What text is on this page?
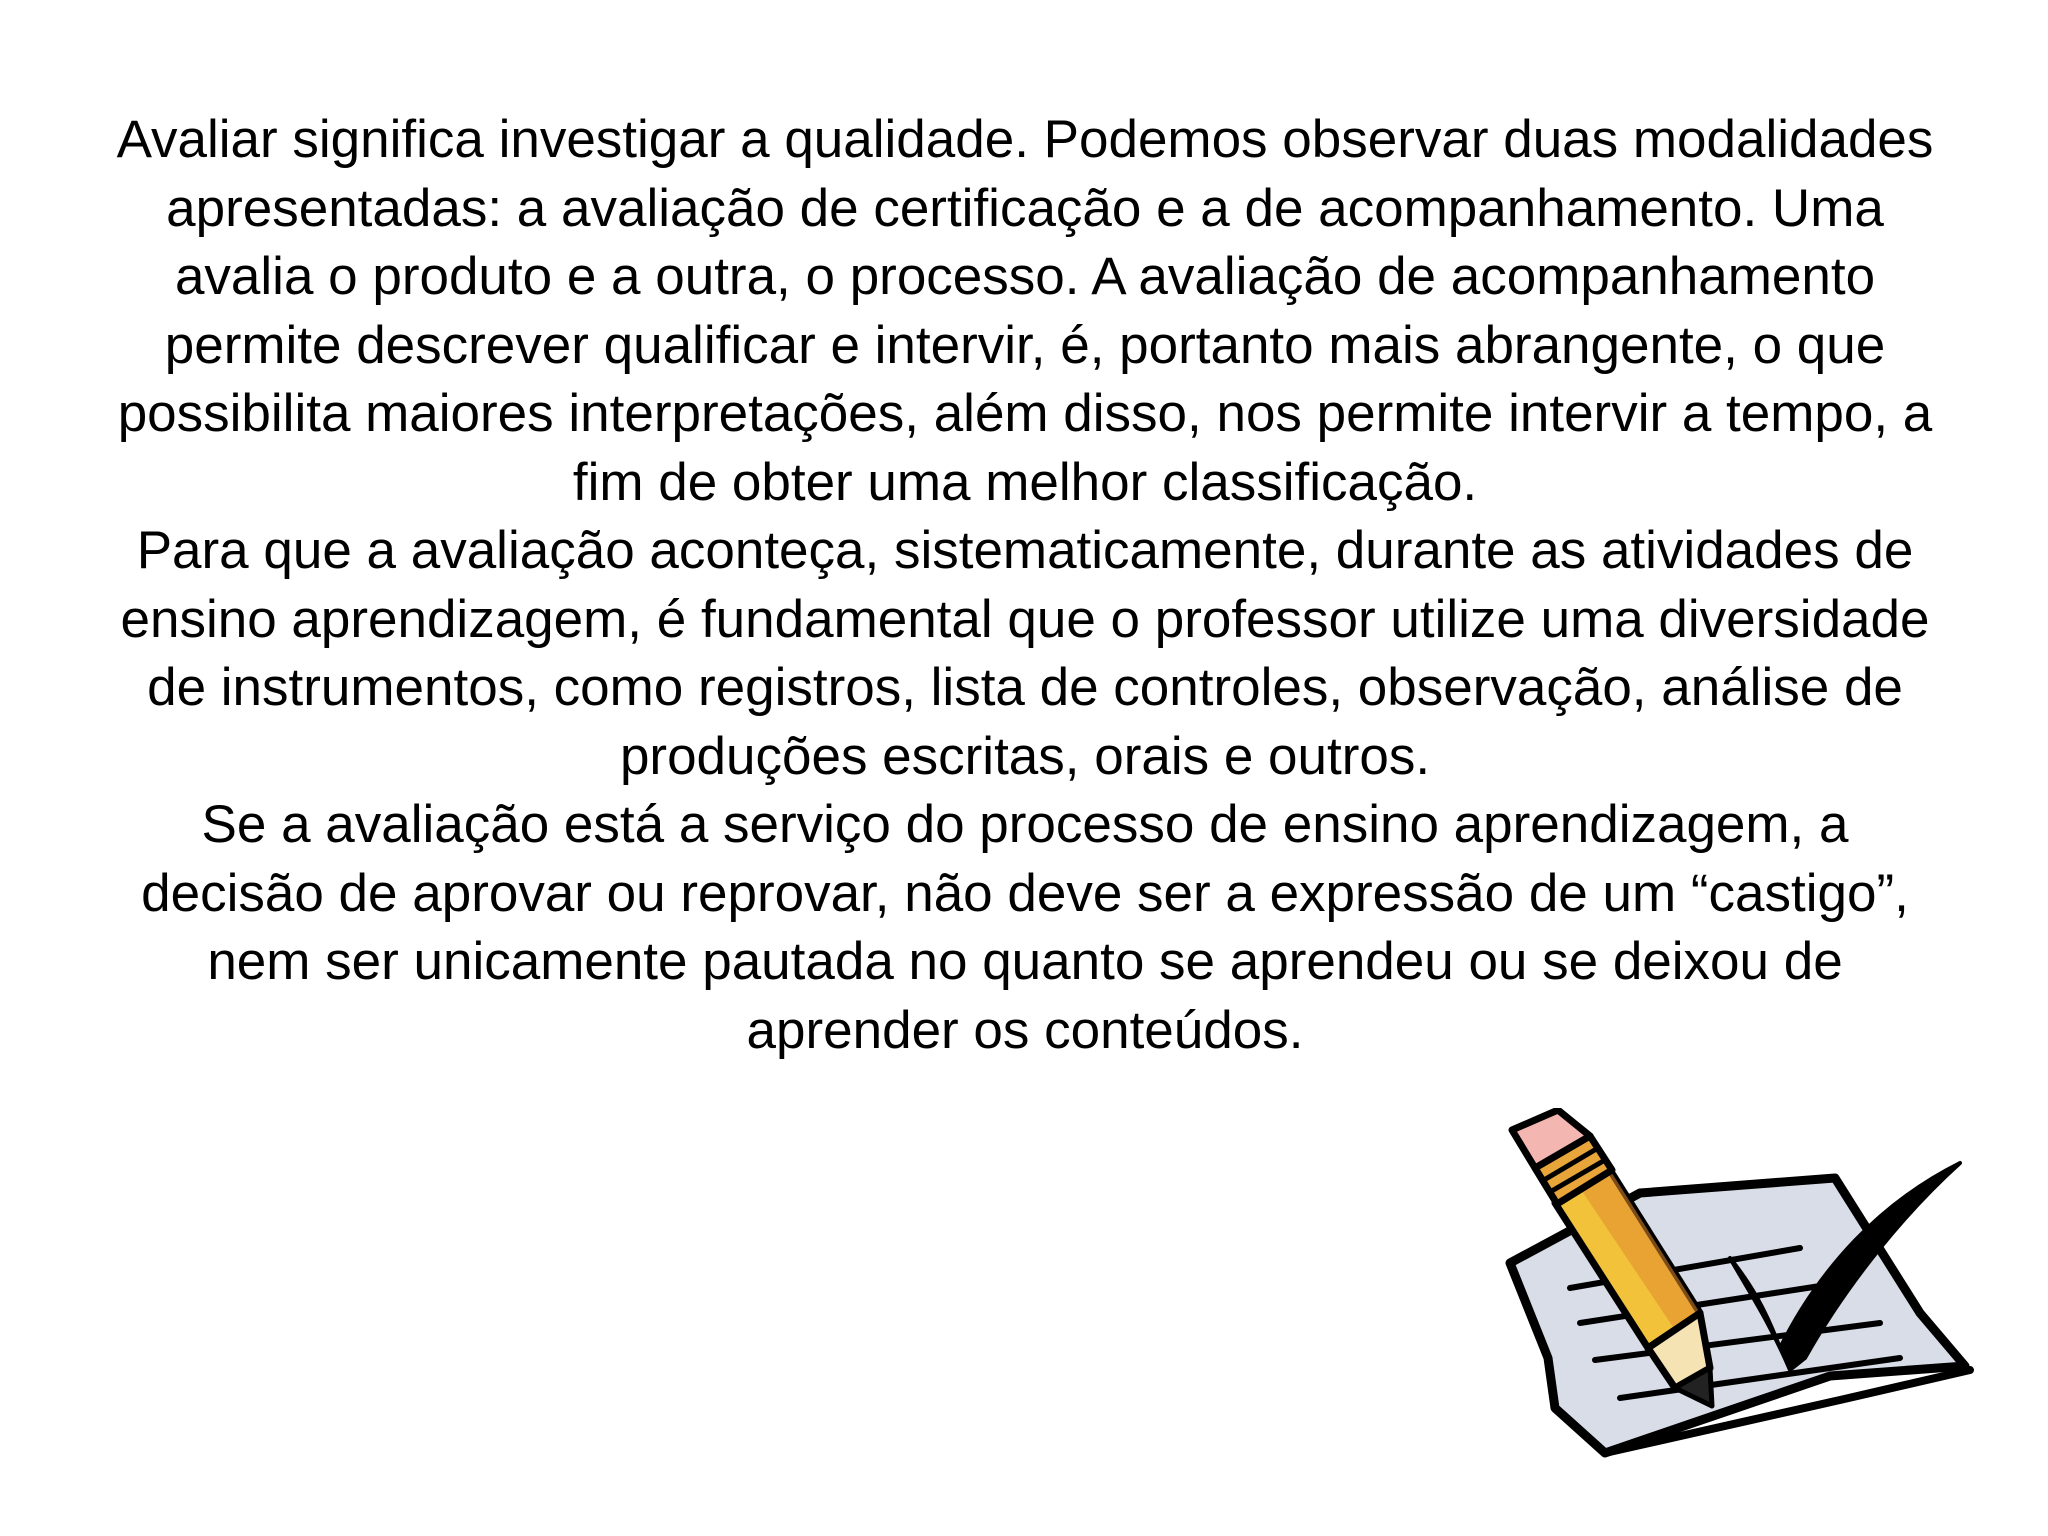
Avaliar significa investigar a qualidade. Podemos observar duas modalidades apresentadas: a avaliação de certificação e a de acompanhamento. Uma avalia o produto e a outra, o processo. A avaliação de acompanhamento permite descrever qualificar e intervir, é, portanto mais abrangente, o que possibilita maiores interpretações, além disso, nos permite intervir a tempo, a fim de obter uma melhor classificação.

Para que a avaliação aconteça, sistematicamente, durante as atividades de ensino aprendizagem, é fundamental que o professor utilize uma diversidade de instrumentos, como registros, lista de controles, observação, análise de produções escritas, orais e outros.

Se a avaliação está a serviço do processo de ensino aprendizagem, a decisão de aprovar ou reprovar, não deve ser a expressão de um “castigo”, nem ser unicamente pautada no quanto se aprendeu ou se deixou de aprender os conteúdos.
